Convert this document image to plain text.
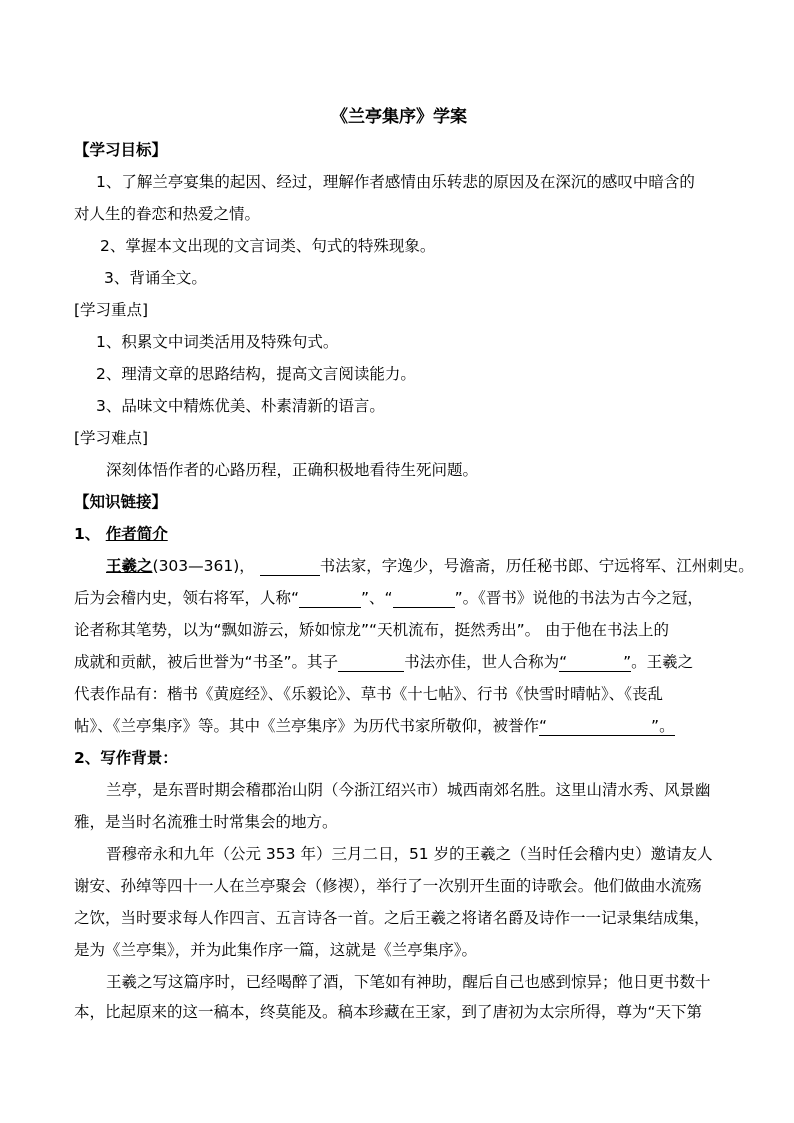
《兰亭集序》学案
【学习目标】
1、了解兰亭宴集的起因、经过，理解作者感情由乐转悲的原因及在深沉的感叹中暗含的
对人生的眷恋和热爱之情。
2、掌握本文出现的文言词类、句式的特殊现象。
3、背诵全文。
[学习重点]
1、积累文中词类活用及特殊句式。
2、理清文章的思路结构，提高文言阅读能力。
3、品味文中精炼优美、朴素清新的语言。
[学习难点]
深刻体悟作者的心路历程，正确积极地看待生死问题。
【知识链接】
1、 作者简介
王羲之(303—361)，	书法家，字逸少，号澹斋，历任秘书郎、宁远将军、江州刺史。
后为会稽内史，领右将军，人称“	”、“	”。《晋书》说他的书法为古今之冠，
论者称其笔势，以为“飘如游云，矫如惊龙”“天机流布，挺然秀出”。 由于他在书法上的
成就和贡献，被后世誉为“书圣”。其子	书法亦佳，世人合称为“	”。王羲之
代表作品有：楷书《黄庭经》、《乐毅论》、草书《十七帖》、行书《快雪时晴帖》、《丧乱
帖》、《兰亭集序》等。其中《兰亭集序》为历代书家所敬仰，被誉作“	”。
2、写作背景：
兰亭，是东晋时期会稽郡治山阴（今浙江绍兴市）城西南郊名胜。这里山清水秀、风景幽
雅，是当时名流雅士时常集会的地方。
晋穆帝永和九年（公元 353 年）三月二日，51 岁的王羲之（当时任会稽内史）邀请友人
谢安、孙绰等四十一人在兰亭聚会（修禊），举行了一次别开生面的诗歌会。他们做曲水流殇
之饮，当时要求每人作四言、五言诗各一首。之后王羲之将诸名爵及诗作一一记录集结成集，
是为《兰亭集》，并为此集作序一篇，这就是《兰亭集序》。
王羲之写这篇序时，已经喝醉了酒，下笔如有神助，醒后自己也感到惊异；他日更书数十
本，比起原来的这一稿本，终莫能及。稿本珍藏在王家，到了唐初为太宗所得，尊为“天下第
